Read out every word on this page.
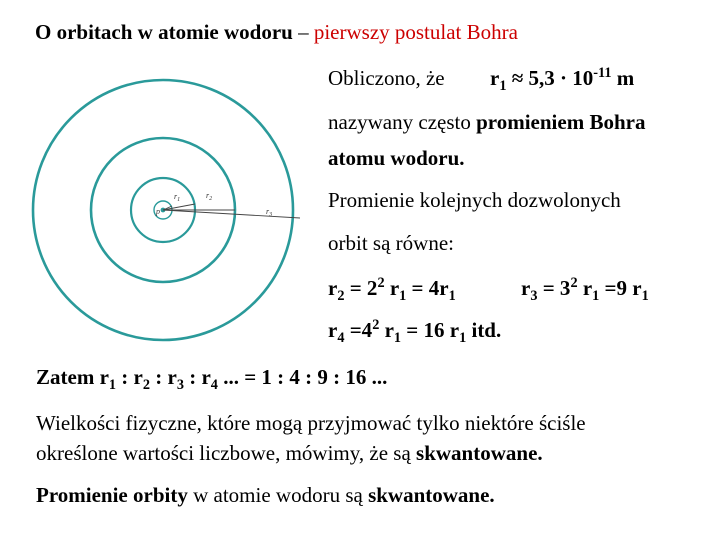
O orbitach w atomie wodoru – pierwszy postulat Bohra
p
$r_1$	$r_2$
$r_3$
Obliczono, że $r_1 \approx 5,3 \cdot 10^{-11}$ m
nazywany często promieniem Bohra
atomu wodoru.
Promienie kolejnych dozwolonych
orbit są równe:
$r_2 = 2^2$ $r_1 = 4r_1$	$r_3 = 3^2$ $r_1 =9$ $r_1$
$r_4 =4^2$ $r_1 = 16$ $r_1$ itd.
Zatem $r_1$ : $r_2$ : $r_3$ : $r_4$ ... = 1 : 4 : 9 : 16 ...
Wielkości fizyczne, które mogą przyjmować tylko niektóre ściśle
określone wartości liczbowe, mówimy, że są skwantowane.
Promienie orbity w atomie wodoru są skwantowane.
